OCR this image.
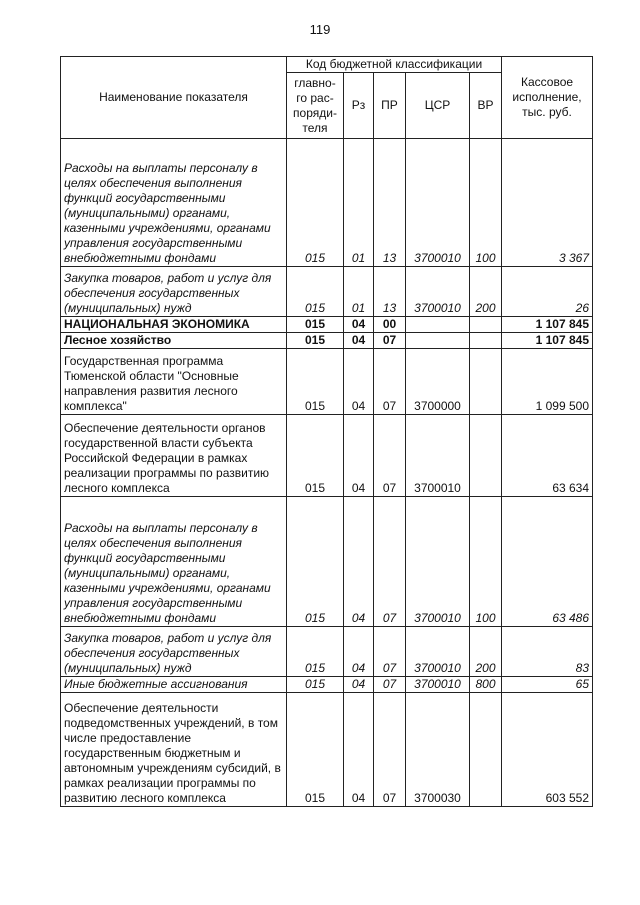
119
Наименование показателя	Код бюджетной классификации					Кассовое исполнение, тыс. руб.
	главно-го рас-поряди-теля	Рз	ПР	ЦСР	ВР	
Расходы на выплаты персоналу в целях обеспечения выполнения функций государственными (муниципальными) органами, казенными учреждениями, органами управления государственными внебюджетными фондами	015	01	13	3700010	100	3 367
Закупка товаров, работ и услуг для обеспечения государственных (муниципальных) нужд	015	01	13	3700010	200	26
НАЦИОНАЛЬНАЯ ЭКОНОМИКА	015	04	00			1 107 845
Лесное хозяйство	015	04	07			1 107 845
Государственная программа Тюменской области "Основные направления развития лесного комплекса"	015	04	07	3700000		1 099 500
Обеспечение деятельности органов государственной власти субъекта Российской Федерации в рамках реализации программы по развитию лесного комплекса	015	04	07	3700010		63 634
Расходы на выплаты персоналу в целях обеспечения выполнения функций государственными (муниципальными) органами, казенными учреждениями, органами управления государственными внебюджетными фондами	015	04	07	3700010	100	63 486
Закупка товаров, работ и услуг для обеспечения государственных (муниципальных) нужд	015	04	07	3700010	200	83
Иные бюджетные ассигнования	015	04	07	3700010	800	65
Обеспечение деятельности подведомственных учреждений, в том числе предоставление государственным бюджетным и автономным учреждениям субсидий, в рамках реализации программы по развитию лесного комплекса	015	04	07	3700030		603 552
